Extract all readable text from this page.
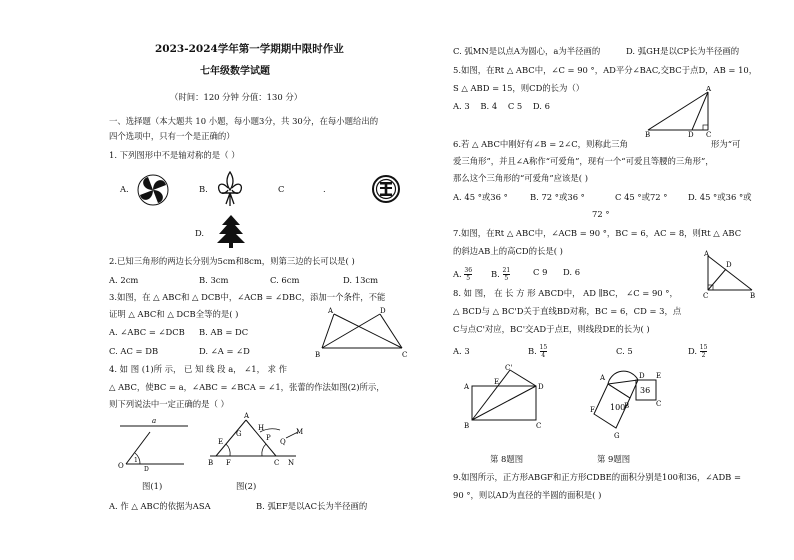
2023-2024学年第一学期期中限时作业
七年级数学试题
（时间：120 分钟 分值：130 分）
一、选择题（本大题共 10 小题，每小题3分，共 30分，在每小题给出的
四个选项中，只有一个是正确的）
1. 下列图形中不是轴对称的是（ ）
A.	B.	C	.
D.
2.已知三角形的两边长分别为5cm和8cm，则第三边的长可以是( )
A. 2cm	B. 3cm	C. 6cm	D. 13cm
3.如图，在 △ ABC和 △ DCB中，∠ACB = ∠DBC，添加一个条件，不能
证明 △ ABC和 △ DCB全等的是( )
A. ∠ABC = ∠DCB B. AB = DC
C. AC = DB	D. ∠A = ∠D
A
B	C
D
4. 如 图 (1)所 示， 已 知 线 段 a， ∠1， 求 作
△ ABC，使BC = a，∠ABC = ∠BCA = ∠1，张蕾的作法如图(2)所示，
则下列说法中一定正确的是（ ）
a
O
1
D
图(1)
A
B	C
E
F
G
H
P
M
N
Q
图(2)
A. 作 △ ABC的依据为ASA	B. 弧EF是以AC长为半径画的
C. 弧MN是以点A为圆心，a为半径画的	D. 弧GH是以CP长为半径画的
5.如图，在Rt △ ABC中，∠C = 90 °，AD平分∠BAC,交BC于点D，AB = 10，
S △ ABD = 15，则CD的长为（）
A. 3 B. 4 C 5 D. 6
A
B	D C
6.若 △ ABC中刚好有∠B = 2∠C，则称此三角	形为“可
爱三角形”，并且∠A称作“可爱角”，现有一个“可爱且等腰的三角形”，
那么这个三角形的“可爱角”应该是( )
A. 45 °或36 °	B. 72 °或36 °	C 45 °或72 ° D. 45 °或36 °或
72 °
7.如图，在Rt △ ABC中，∠ACB = 90 °，BC = 6，AC = 8，则Rt △ ABC
的斜边AB上的高CD的长是( )
A. $\frac{36}{5} B$. $\frac{21}{5}$	C 9 D. 6
A
B
C
D
8. 如 图， 在 长 方 形 ABCD中， AD ∥BC， ∠C = 90 °，
△ BCD与 △ BC'D关于直线BD对称，BC = 6，CD = 3，点
C与点C'对应，BC'交AD于点E，则线段DE的长为( )
A. 3	B. $\frac{15}{4}$	C. 5	D. $\frac{15}{2}$
A
B	C
D
E
C'
100
36
A
B	C
D E
F
G
第 8题图	第 9题图
9.如图所示，正方形ABGF和正方形CDBE的面积分别是100和36，∠ADB =
90 °，则以AD为直径的半圆的面积是( )
